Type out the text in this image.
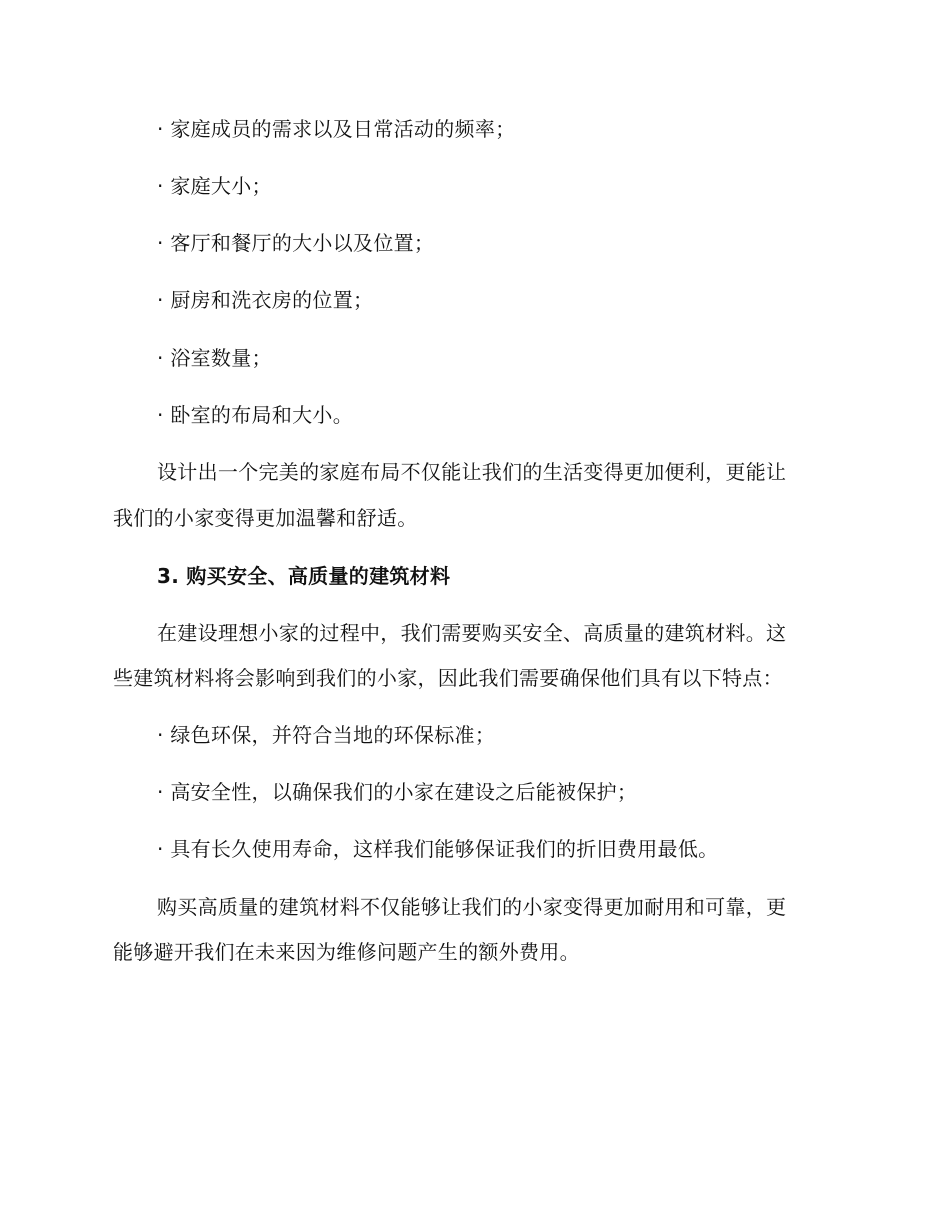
· 家庭成员的需求以及日常活动的频率；
· 家庭大小；
· 客厅和餐厅的大小以及位置；
· 厨房和洗衣房的位置；
· 浴室数量；
· 卧室的布局和大小。
设计出一个完美的家庭布局不仅能让我们的生活变得更加便利，更能让
我们的小家变得更加温馨和舒适。
3. 购买安全、高质量的建筑材料
在建设理想小家的过程中，我们需要购买安全、高质量的建筑材料。这
些建筑材料将会影响到我们的小家，因此我们需要确保他们具有以下特点：
· 绿色环保，并符合当地的环保标准；
· 高安全性，以确保我们的小家在建设之后能被保护；
· 具有长久使用寿命，这样我们能够保证我们的折旧费用最低。
购买高质量的建筑材料不仅能够让我们的小家变得更加耐用和可靠，更
能够避开我们在未来因为维修问题产生的额外费用。
